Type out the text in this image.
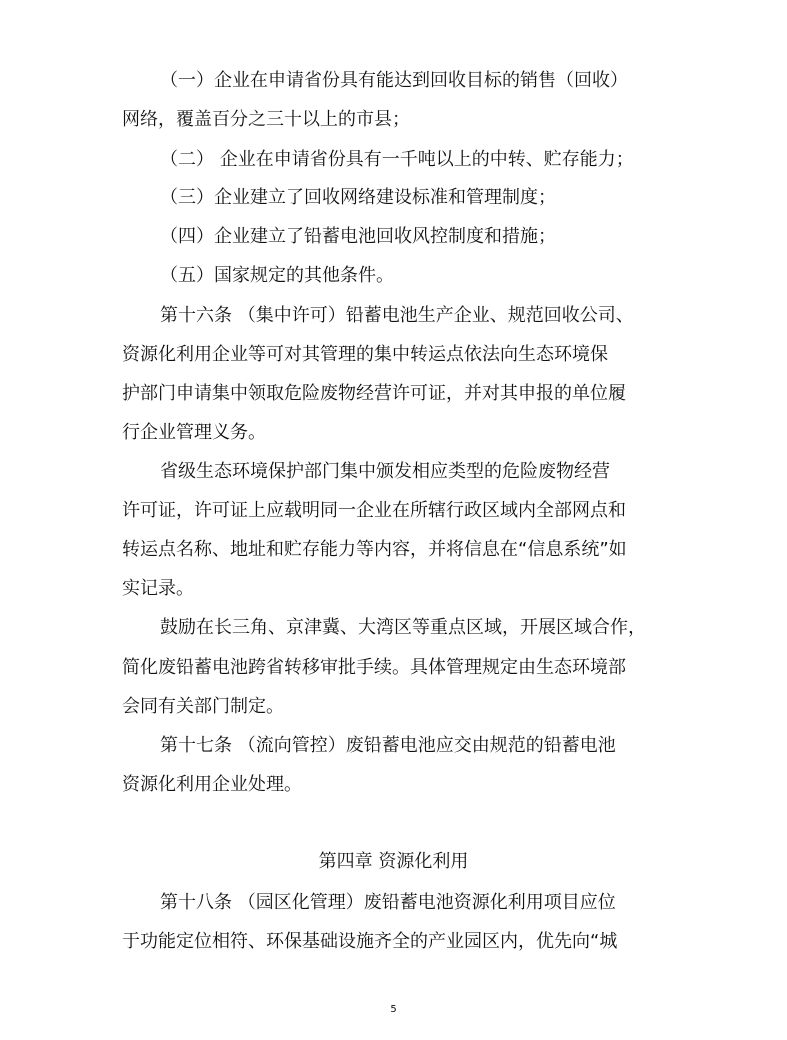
（一）企业在申请省份具有能达到回收目标的销售（回收）
网络，覆盖百分之三十以上的市县；
（二） 企业在申请省份具有一千吨以上的中转、贮存能力；
（三）企业建立了回收网络建设标准和管理制度；
（四）企业建立了铅蓄电池回收风控制度和措施；
（五）国家规定的其他条件。
第十六条 （集中许可）铅蓄电池生产企业、规范回收公司、
资源化利用企业等可对其管理的集中转运点依法向生态环境保
护部门申请集中领取危险废物经营许可证，并对其申报的单位履
行企业管理义务。
省级生态环境保护部门集中颁发相应类型的危险废物经营
许可证，许可证上应载明同一企业在所辖行政区域内全部网点和
转运点名称、地址和贮存能力等内容，并将信息在“信息系统”如
实记录。
鼓励在长三角、京津冀、大湾区等重点区域，开展区域合作，
简化废铅蓄电池跨省转移审批手续。具体管理规定由生态环境部
会同有关部门制定。
第十七条 （流向管控）废铅蓄电池应交由规范的铅蓄电池
资源化利用企业处理。
第四章 资源化利用
第十八条 （园区化管理）废铅蓄电池资源化利用项目应位
于功能定位相符、环保基础设施齐全的产业园区内，优先向“城
5
